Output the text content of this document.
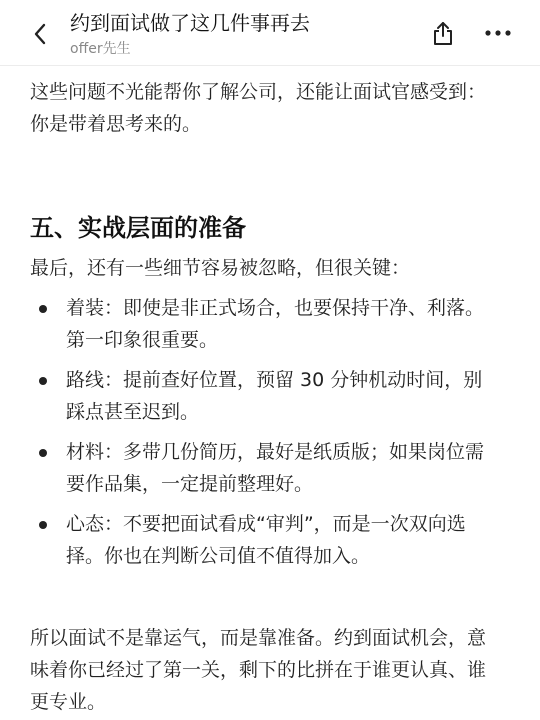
约到面试做了这几件事再去
offer先生

这些问题不光能帮你了解公司，还能让面试官感受到：你是带着思考来的。

五、实战层面的准备

最后，还有一些细节容易被忽略，但很关键：

着装：即使是非正式场合，也要保持干净、利落。第一印象很重要。
路线：提前查好位置，预留 30 分钟机动时间，别踩点甚至迟到。
材料：多带几份简历，最好是纸质版；如果岗位需要作品集，一定提前整理好。
心态：不要把面试看成“审判”，而是一次双向选择。你也在判断公司值不值得加入。

所以面试不是靠运气，而是靠准备。约到面试机会，意味着你已经过了第一关，剩下的比拼在于谁更认真、谁更专业。
